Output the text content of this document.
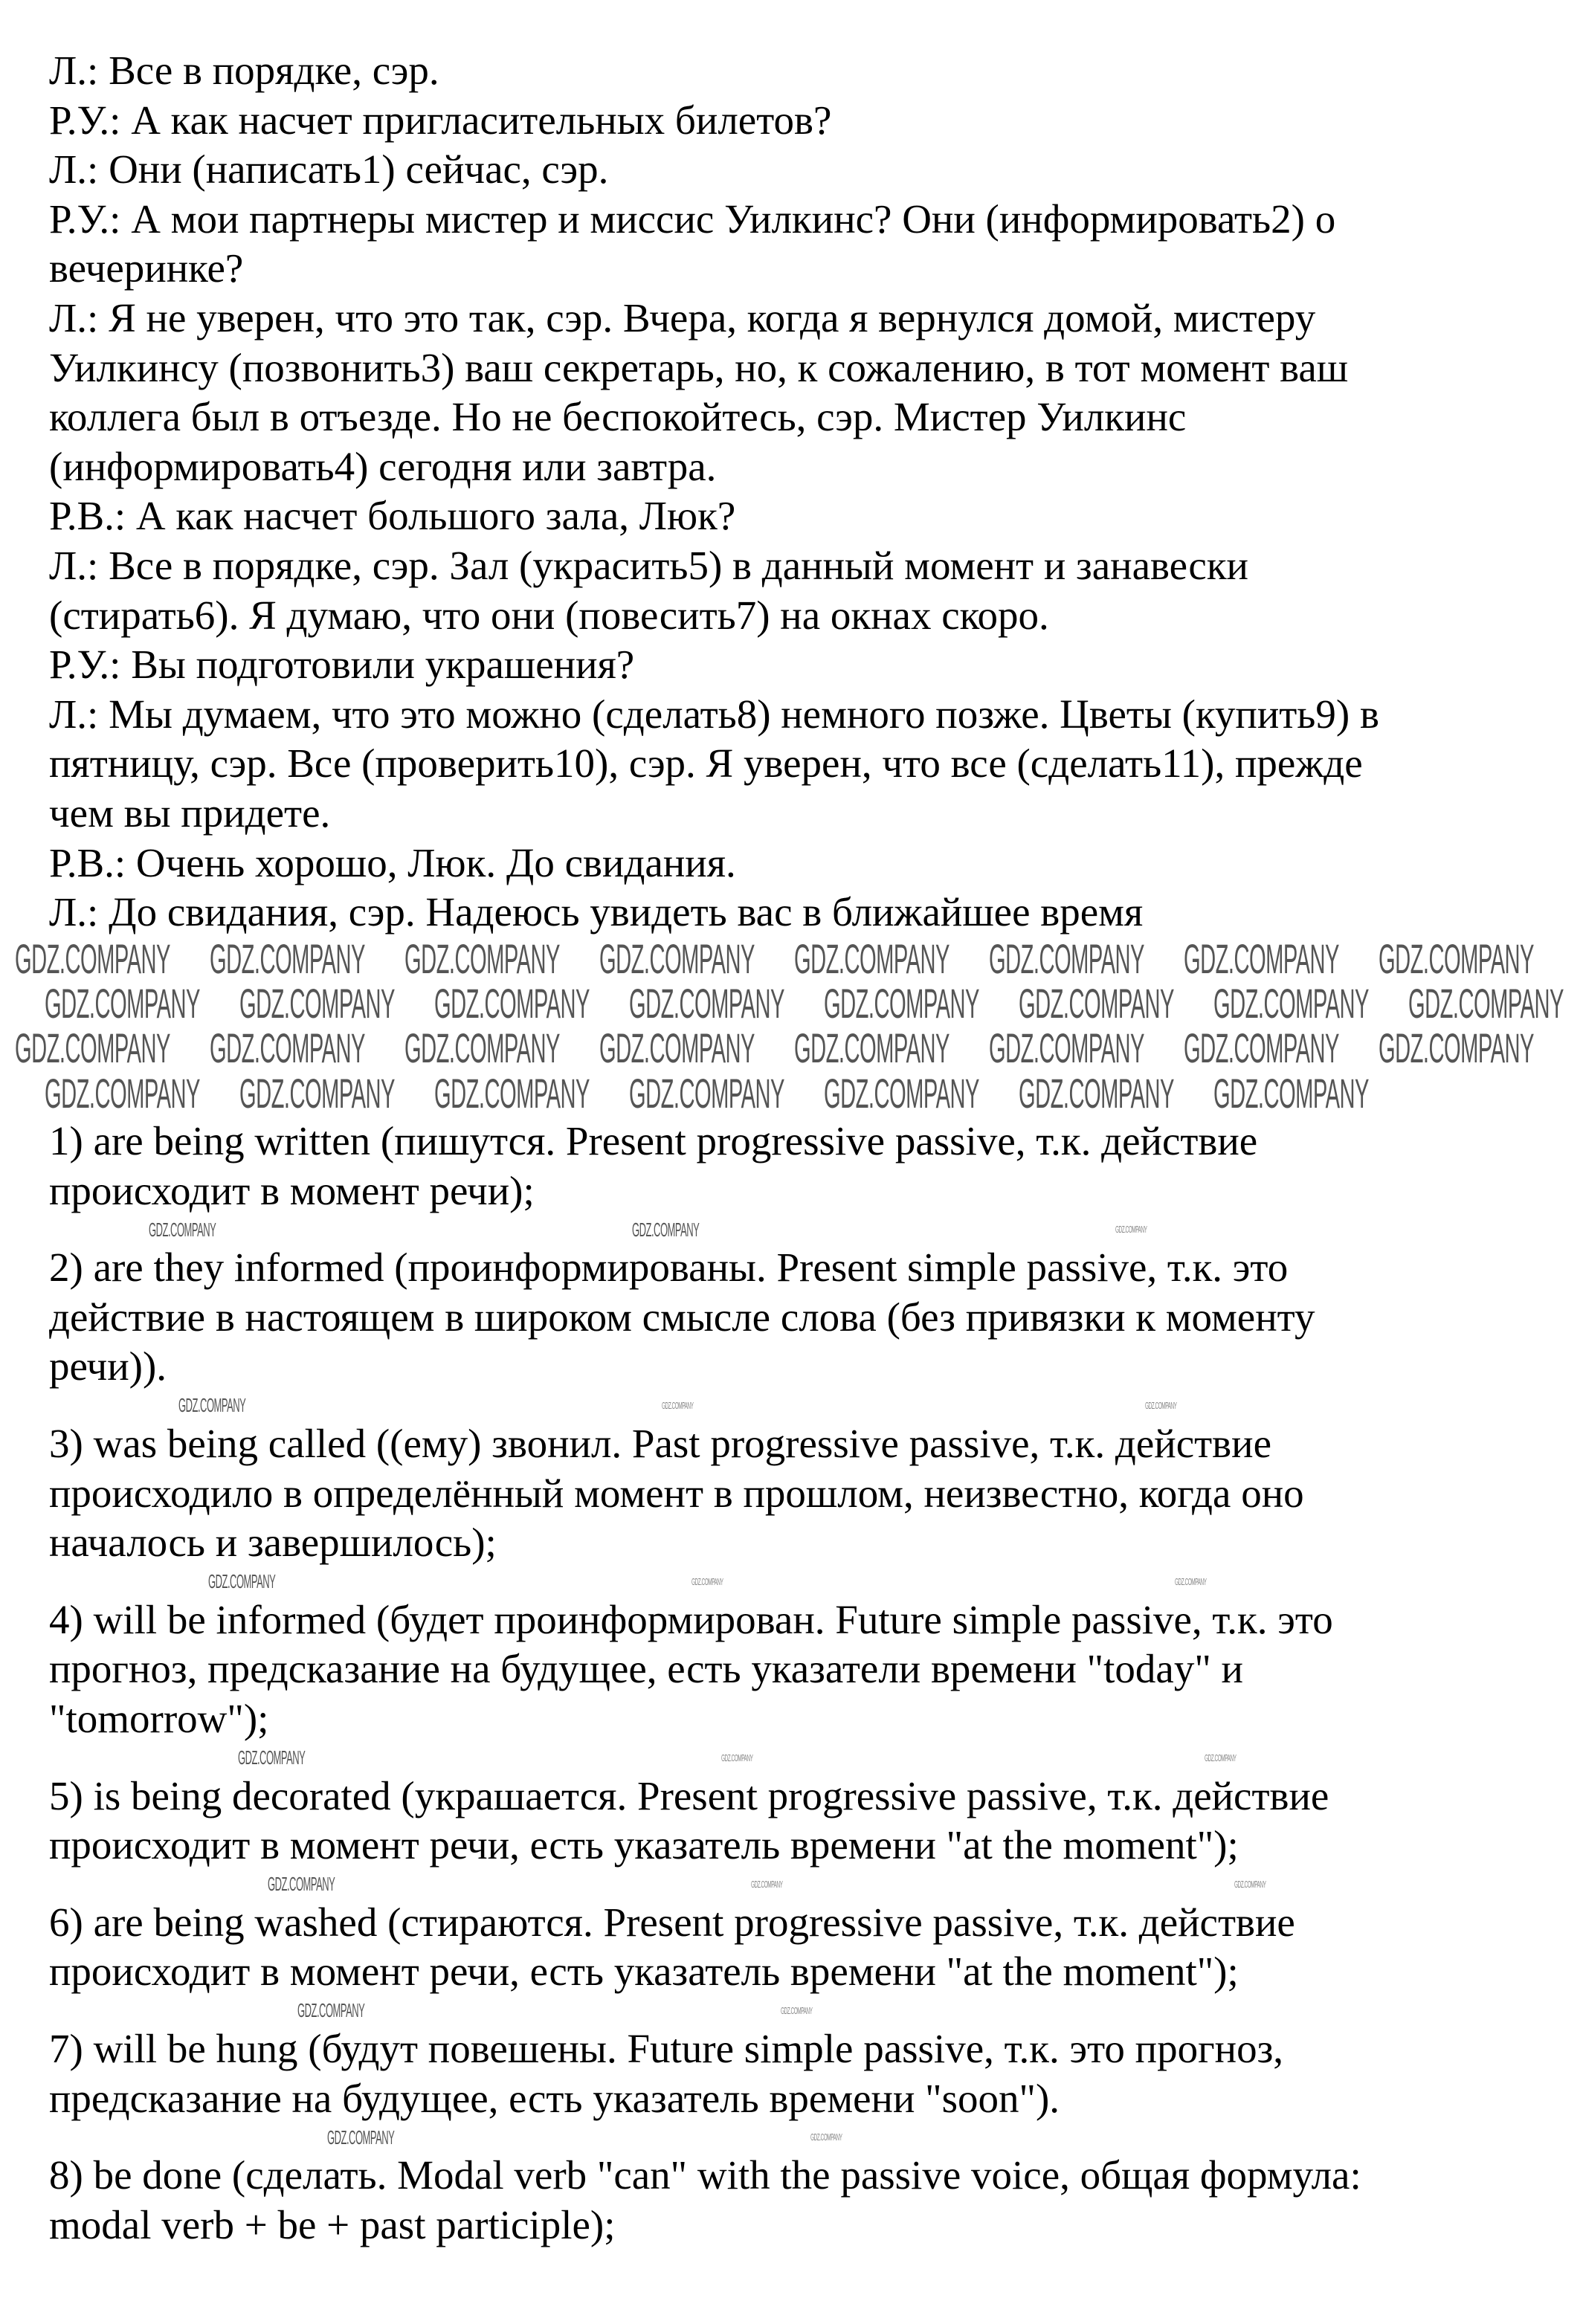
Л.: Все в порядке, сэр.

Р.У.: А как насчет пригласительных билетов?

Л.: Они (написать1) сейчас, сэр.

Р.У.: А мои партнеры мистер и миссис Уилкинс? Они (информировать2) о

вечеринке?

Л.: Я не уверен, что это так, сэр. Вчера, когда я вернулся домой, мистеру

Уилкинсу (позвонить3) ваш секретарь, но, к сожалению, в тот момент ваш

коллега был в отъезде. Но не беспокойтесь, сэр. Мистер Уилкинс

(информировать4) сегодня или завтра.

Р.В.: А как насчет большого зала, Люк?

Л.: Все в порядке, сэр. Зал (украсить5) в данный момент и занавески

(стирать6). Я думаю, что они (повесить7) на окнах скоро.

Р.У.: Вы подготовили украшения?

Л.: Мы думаем, что это можно (сделать8) немного позже. Цветы (купить9) в

пятницу, сэр. Все (проверить10), сэр. Я уверен, что все (сделать11), прежде

чем вы придете.

Р.В.: Очень хорошо, Люк. До свидания.

Л.: До свидания, сэр. Надеюсь увидеть вас в ближайшее время

1) are being written (пишутся. Present progressive passive, т.к. действие

происходит в момент речи);

2) are they informed (проинформированы. Present simple passive, т.к. это

действие в настоящем в широком смысле слова (без привязки к моменту

речи)).

3) was being called ((ему) звонил. Past progressive passive, т.к. действие

происходило в определённый момент в прошлом, неизвестно, когда оно

началось и завершилось);

4) will be informed (будет проинформирован. Future simple passive, т.к. это

прогноз, предсказание на будущее, есть указатели времени "today" и

"tomorrow");

5) is being decorated (украшается. Present progressive passive, т.к. действие

происходит в момент речи, есть указатель времени "at the moment");

6) are being washed (стираются. Present progressive passive, т.к. действие

происходит в момент речи, есть указатель времени "at the moment");

7) will be hung (будут повешены. Future simple passive, т.к. это прогноз,

предсказание на будущее, есть указатель времени "soon").

8) be done (сделать. Modal verb "can" with the passive voice, общая формула:

modal verb + be + past participle);

GDZ.COMPANY GDZ.COMPANY GDZ.COMPANY GDZ.COMPANY GDZ.COMPANY GDZ.COMPANY GDZ.COMPANY GDZ.COMPANY
GDZ.COMPANY GDZ.COMPANY GDZ.COMPANY GDZ.COMPANY GDZ.COMPANY GDZ.COMPANY GDZ.COMPANY GDZ.COMPANY
GDZ.COMPANY GDZ.COMPANY GDZ.COMPANY GDZ.COMPANY GDZ.COMPANY GDZ.COMPANY GDZ.COMPANY GDZ.COMPANY
GDZ.COMPANY GDZ.COMPANY GDZ.COMPANY GDZ.COMPANY GDZ.COMPANY GDZ.COMPANY GDZ.COMPANY
GDZ.COMPANY
GDZ.COMPANY
GDZ.COMPANY
GDZ.COMPANY
GDZ.COMPANY
GDZ.COMPANY
GDZ.COMPANY
GDZ.COMPANY
GDZ.COMPANY
GDZ.COMPANY
GDZ.COMPANY
GDZ.COMPANY
GDZ.COMPANY
GDZ.COMPANY
GDZ.COMPANY
GDZ.COMPANY
GDZ.COMPANY
GDZ.COMPANY
GDZ.COMPANY
